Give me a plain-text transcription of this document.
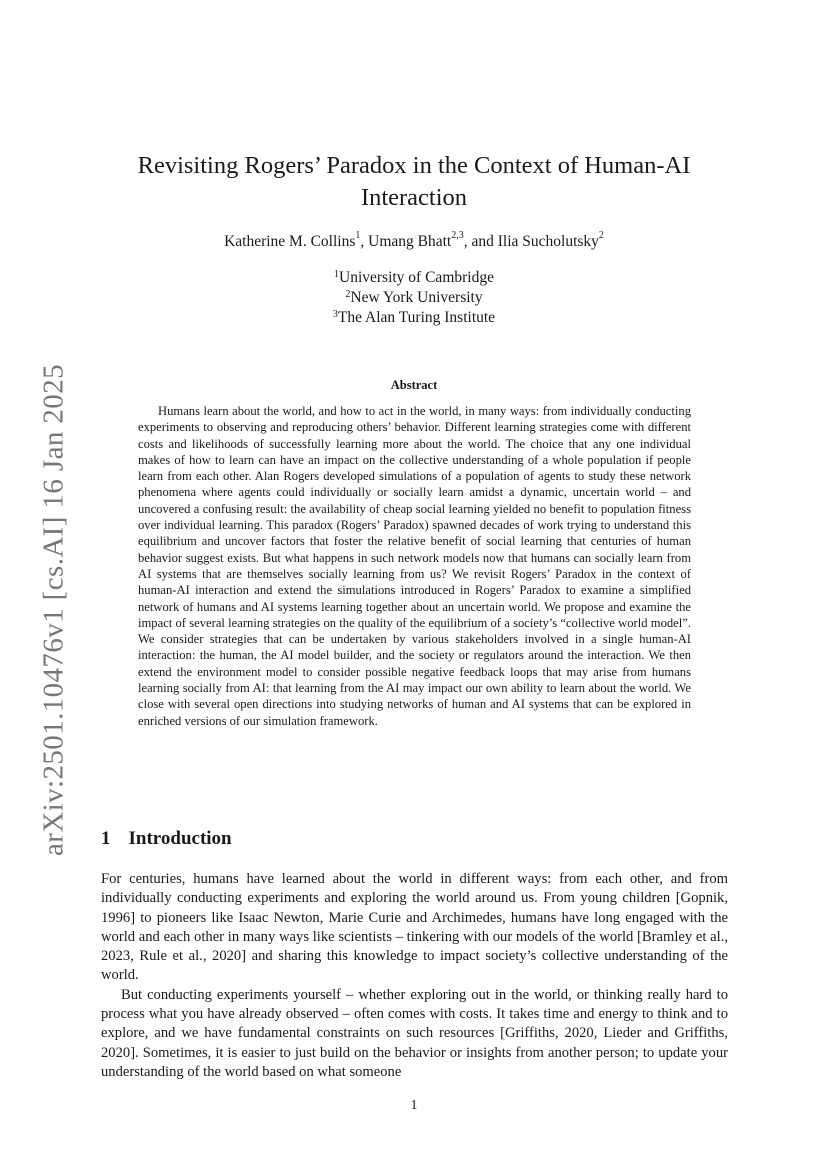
arXiv:2501.10476v1 [cs.AI] 16 Jan 2025
Revisiting Rogers’ Paradox in the Context of Human-AI Interaction
Katherine M. Collins$^1$, Umang Bhatt$^{2,3}$, and Ilia Sucholutsky$^2$
$^1$University of Cambridge
$^2$New York University
$^3$The Alan Turing Institute
Abstract
Humans learn about the world, and how to act in the world, in many ways: from individually conducting experiments to observing and reproducing others’ behavior. Different learning strategies come with different costs and likelihoods of successfully learning more about the world. The choice that any one individual makes of how to learn can have an impact on the collective understanding of a whole population if people learn from each other. Alan Rogers developed simulations of a population of agents to study these network phenomena where agents could individually or socially learn amidst a dynamic, uncertain world – and uncovered a confusing result: the availability of cheap social learning yielded no benefit to population fitness over individual learning. This paradox (Rogers’ Paradox) spawned decades of work trying to understand this equilibrium and uncover factors that foster the relative benefit of social learning that centuries of human behavior suggest exists. But what happens in such network models now that humans can socially learn from AI systems that are themselves socially learning from us? We revisit Rogers’ Paradox in the context of human-AI interaction and extend the simulations introduced in Rogers’ Paradox to examine a simplified network of humans and AI systems learning together about an uncertain world. We propose and examine the impact of several learning strategies on the quality of the equilibrium of a society’s “collective world model”. We consider strategies that can be undertaken by various stakeholders involved in a single human-AI interaction: the human, the AI model builder, and the society or regulators around the interaction. We then extend the environment model to consider possible negative feedback loops that may arise from humans learning socially from AI: that learning from the AI may impact our own ability to learn about the world. We close with several open directions into studying networks of human and AI systems that can be explored in enriched versions of our simulation framework.
1 Introduction

For centuries, humans have learned about the world in different ways: from each other, and from individually conducting experiments and exploring the world around us. From young children [Gopnik, 1996] to pioneers like Isaac Newton, Marie Curie and Archimedes, humans have long engaged with the world and each other in many ways like scientists – tinkering with our models of the world [Bramley et al., 2023, Rule et al., 2020] and sharing this knowledge to impact society’s collective understanding of the world.

But conducting experiments yourself – whether exploring out in the world, or thinking really hard to process what you have already observed – often comes with costs. It takes time and energy to think and to explore, and we have fundamental constraints on such resources [Griffiths, 2020, Lieder and Griffiths, 2020]. Sometimes, it is easier to just build on the behavior or insights from another person; to update your understanding of the world based on what someone

1
